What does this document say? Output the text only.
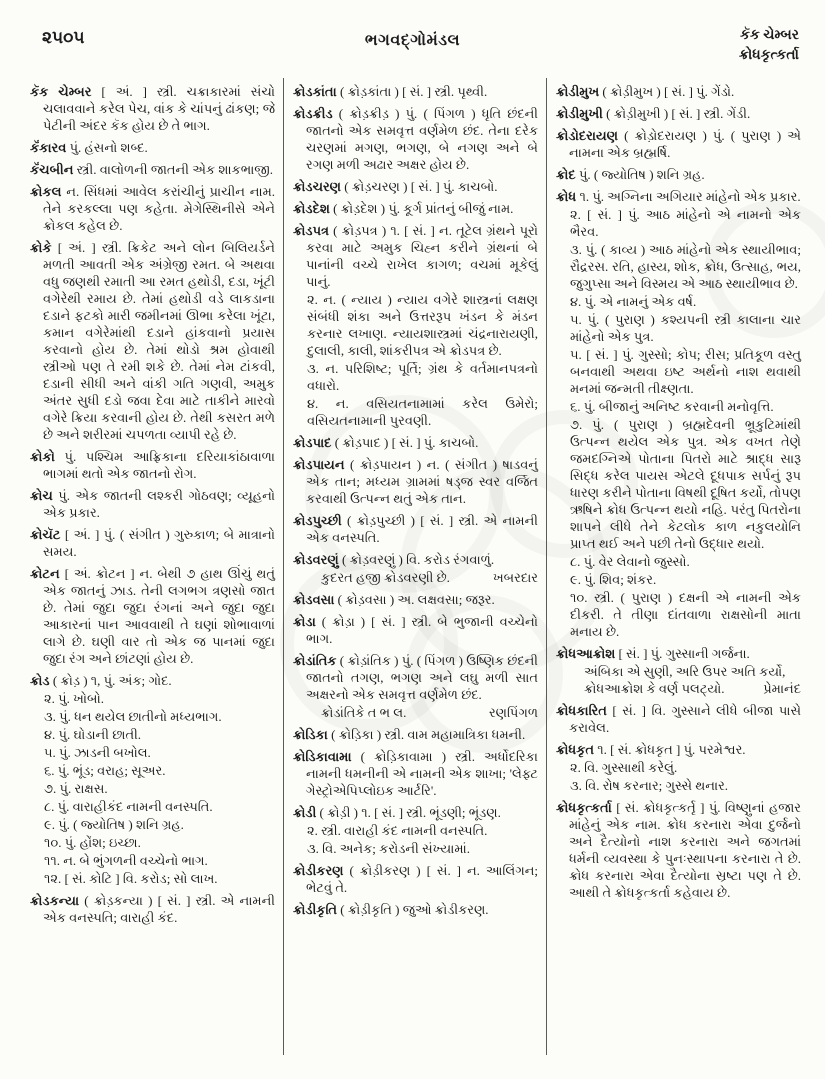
૨૫૦૫	ભગવદ્ગોમંડલ	કૅક ચેમ્બર
ક્રોધકૃત્કર્તા
કૅક ચેમ્બર [ અં. ] સ્ત્રી. ચક્રાકારમાં સંચો ચલાવવાને કરેલ પેચ, વાંક કે ચાંપનું ઢાંકણ; જે પેટીની અંદર કૅક હોય છે તે ભાગ.
કૅંકારવ પું. હંસનો શબ્દ.
કૅંચબીન સ્ત્રી. વાલોળની જાતની એક શાકભાજી.
ક્રોકલ ન. સિંધમાં આવેલ કરાંચીનું પ્રાચીન નામ. તેને કરકલ્લા પણ કહેતા. મેગેસ્થિનીસે એને ક્રોકલ કહેલ છે.
ક્રોકે [ અં. ] સ્ત્રી. ક્રિકેટ અને લોન બિલિયર્ડને મળતી આવતી એક અંગ્રેજી રમત. બે અથવા વધુ જણથી રમાતી આ રમત હથોડી, દડા, ખૂંટી વગેરેથી રમાય છે. તેમાં હથોડી વડે લાકડાના દડાને ફટકો મારી જમીનમાં ઊભા કરેલા ખૂંટા, કમાન વગેરેમાંથી દડાને હાંકવાનો પ્રયાસ કરવાનો હોય છે. તેમાં થોડો શ્રમ હોવાથી સ્ત્રીઓ પણ તે રમી શકે છે. તેમાં નેમ ટાંકવી, દડાની સીધી અને વાંકી ગતિ ગણવી, અમુક અંતર સુધી દડો જવા દેવા માટે તાકીને મારવો વગેરે ક્રિયા કરવાની હોય છે. તેથી કસરત મળે છે અને શરીરમાં ચપળતા વ્યાપી રહે છે.
ક્રોકો પું. પશ્ચિમ આફ્રિકાના દરિયાકાંઠાવાળા ભાગમાં થતો એક જાતનો રોગ.
ક્રોચ પું. એક જાતની લશ્કરી ગોઠવણ; વ્યૂહનો એક પ્રકાર.
ક્રોચૅટ [ અં. ] પું. ( સંગીત ) ગુરુકાળ; બે માત્રાનો સમય.
ક્રોટન [ અં. ક્રોટન ] ન. બેથી ૭ હાથ ઊંચું થતું એક જાતનું ઝાડ. તેની લગભગ ત્રણસો જાત છે. તેમાં જુદા જુદા રંગનાં અને જુદા જુદા આકારનાં પાન આવવાથી તે ઘણાં શોભાવાળાં લાગે છે. ઘણી વાર તો એક જ પાનમાં જુદા જુદા રંગ અને છાંટણાં હોય છે.
ક્રોડ ( ક્રોડ઼ ) ૧, પું. અંક; ગોદ.
૨. પું. ખોબો.
૩. પું. ધન થયેલ છાતીનો મધ્યભાગ.
૪. પું. ઘોડાની છાતી.
૫. પું. ઝાડની બખોલ.
૬. પું. ભૂંડ; વરાહ; સૂઅર.
૭. પું. રાક્ષસ.
૮. પું. વારાહીકંદ નામની વનસ્પતિ.
૯. પું. ( જ્યોતિષ ) શનિ ગ્રહ.
૧૦. પું. હોંશ; ઇચ્છા.
૧૧. ન. બે ભુંગળની વચ્ચેનો ભાગ.
૧૨. [ સં. કોટિ ] વિ. કરોડ; સો લાખ.
ક્રોડકન્યા ( ક્રોડ઼કન્યા ) [ સં. ] સ્ત્રી. એ નામની એક વનસ્પતિ; વારાહી કંદ.
ક્રોડકાંતા ( ક્રોડ઼કાંતા ) [ સં. ] સ્ત્રી. પૃથ્વી.
ક્રોડક્રીડ ( ક્રોડ઼ક્રીડ઼ ) પું. ( પિંગળ ) ધૃતિ છંદની જાતનો એક સમવૃત્ત વર્ણમેળ છંદ. તેના દરેક ચરણમાં મગણ, ભગણ, બે નગણ અને બે રગણ મળી અઢાર અક્ષર હોય છે.
ક્રોડચરણ ( ક્રોડ઼ચરણ ) [ સં. ] પું. કાચબો.
ક્રોડદેશ ( ક્રોડ઼દેશ ) પું. કૂર્ગ પ્રાંતનું બીજું નામ.
ક્રોડપત્ર ( ક્રોડ઼પત્ર ) ૧. [ સં. ] ન. તૂટેલ ગ્રંથને પૂરો કરવા માટે અમુક ચિહ્ન કરીને ગ્રંથનાં બે પાનાંની વચ્ચે રાખેલ કાગળ; વચમાં મૂકેલું પાનું.
૨. ન. ( ન્યાય ) ન્યાય વગેરે શાસ્ત્રનાં લક્ષણ સંબંધી શંકા અને ઉત્તરરૂપ ખંડન કે મંડન કરનાર લખાણ. ન્યાયશાસ્ત્રમાં ચંદ્રનારાયણી, દુલાલી, કાલી, શાંકરીપત્ર એ ક્રોડપત્ર છે.
૩. ન. પરિશિષ્ટ; પૂર્તિ; ગ્રંથ કે વર્તમાનપત્રનો વધારો.
૪. ન. વસિયતનામામાં કરેલ ઉમેરો; વસિયતનામાની પુરવણી.
ક્રોડપાદ ( ક્રોડ઼પાદ ) [ સં. ] પું. કાચબો.
ક્રોડપાયન ( ક્રોડ઼પાયન ) ન. ( સંગીત ) ષાડવનું એક તાન; મધ્યમ ગ્રામમાં ષડ્જ સ્વર વર્જિત કરવાથી ઉત્પન્ન થતું એક તાન.
ક્રોડપુચ્છી ( ક્રોડ઼પુચ્છી ) [ સં. ] સ્ત્રી. એ નામની એક વનસ્પતિ.
ક્રોડવરણું ( ક્રોડ઼વરણું ) વિ. કરોડ રંગવાળું.
ખબરદાર
કુદરત હજી ક્રોડવરણી છે.
ક્રોડવસા ( ક્રોડ઼વસા ) અ. લક્ષવસા; જરૂર.
ક્રોડા ( ક્રોડ઼ા ) [ સં. ] સ્ત્રી. બે ભુજાની વચ્ચેનો ભાગ.
ક્રોડાંતિક ( ક્રોડ઼ાંતિક ) પું. ( પિંગળ ) ઉષ્ણિક છંદની જાતનો તગણ, ભગણ અને લઘુ મળી સાત અક્ષરનો એક સમવૃત્ત વર્ણમેળ છંદ.
રણપિંગળ
ક્રોડાંતિકે ત ભ લ.
ક્રોડિકા ( ક્રોડ઼િકા ) સ્ત્રી. વામ મહામાત્રિકા ધમની.
ક્રોડિકાવામા ( ક્રોડ઼િકાવામા ) સ્ત્રી. અર્ધોદરિકા નામની ધમનીની એ નામની એક શાખા; 'લેફ્ટ ગેસ્ટ્રોએપિપ્લોઇક આર્ટરિ'.
ક્રોડી ( ક્રોડ઼ી ) ૧. [ સં. ] સ્ત્રી. ભૂંડણી; ભૂંડણ.
૨. સ્ત્રી. વારાહી કંદ નામની વનસ્પતિ.
૩. વિ. અનેક; કરોડની સંખ્યામાં.
ક્રોડીકરણ ( ક્રોડ઼ીકરણ ) [ સં. ] ન. આલિંગન; ભેટવું તે.
ક્રોડીકૃતિ ( ક્રોડ઼ીકૃતિ ) જુઓ ક્રોડીકરણ.
ક્રોડીમુખ ( ક્રોડ઼ીમુખ ) [ સં. ] પું. ગેંડો.
ક્રોડીમુખી ( ક્રોડ઼ીમુખી ) [ સં. ] સ્ત્રી. ગેંડી.
ક્રોડોદરાયણ ( ક્રોડ઼ોદરાયણ ) પું. ( પુરાણ ) એ નામના એક બ્રહ્મર્ષિ.
ક્રોદ પું. ( જ્યોતિષ ) શનિ ગ્રહ.
ક્રોધ ૧. પું. અગ્નિના અગિયાર માંહેનો એક પ્રકાર.
૨. [ સં. ] પું. આઠ માંહેનો એ નામનો એક ભૈરવ.
૩. પું. ( કાવ્ય ) આઠ માંહેનો એક સ્થાયીભાવ; રૌદ્રરસ. રતિ, હાસ્ય, શોક, ક્રોધ, ઉત્સાહ, ભય, જુગુપ્સા અને વિસ્મય એ આઠ સ્થાયીભાવ છે.
૪. પું. એ નામનું એક વર્ષ.
૫. પું. ( પુરાણ ) કશ્યપની સ્ત્રી કાલાના ચાર માંહેનો એક પુત્ર.
૫. [ સં. ] પું. ગુસ્સો; કોપ; રીસ; પ્રતિકૂળ વસ્તુ બનવાથી અથવા ઇષ્ટ અર્થનો નાશ થવાથી મનમાં જન્મતી તીક્ષ્ણતા.
૬. પું. બીજાનું અનિષ્ટ કરવાની મનોવૃત્તિ.
૭. પું. ( પુરાણ ) બ્રહ્મદેવની ભ્રૂકુટિમાંથી ઉત્પન્ન થયેલ એક પુત્ર. એક વખત તેણે જમદગ્નિએ પોતાના પિતરો માટે શ્રાદ્ધ સારૂ સિદ્ધ કરેલ પાયસ એટલે દૂધપાક સર્પનું રૂપ ધારણ કરીને પોતાના વિષથી દૂષિત કર્યો, તોપણ ઋષિને ક્રોધ ઉત્પન્ન થયો નહિ. પરંતુ પિતરોના શાપને લીધે તેને કેટલોક કાળ નકુલયોનિ પ્રાપ્ત થઈ અને પછી તેનો ઉદ્ધાર થયો.
૮. પું. વેર લેવાનો જુસ્સો.
૯. પું. શિવ; શંકર.
૧૦. સ્ત્રી. ( પુરાણ ) દક્ષની એ નામની એક દીકરી. તે તીણા દાંતવાળા રાક્ષસોની માતા મનાય છે.
ક્રોધઆક્રોશ [ સં. ] પું. ગુસ્સાની ગર્જના.
અંબિકા એ સુણી, અરિ ઉપર અતિ કર્યો,
પ્રેમાનંદ
ક્રોધઆક્રોશ કે વર્ણ પલટ્યો.
ક્રોધકારિત [ સં. ] વિ. ગુસ્સાને લીધે બીજા પાસે કરાવેલ.
ક્રોધકૃત ૧. [ સં. ક્રોધકૃત ] પું. પરમેશ્વર.
૨. વિ. ગુસ્સાથી કરેલું.
૩. વિ. રોષ કરનાર; ગુસ્સે થનાર.
ક્રોધકૃત્કર્તા [ સં. ક્રોધકૃત્કર્તૃ ] પું. વિષ્ણુનાં હજાર માંહેનું એક નામ. ક્રોધ કરનારા એવા દુર્જનો અને દૈત્યોનો નાશ કરનારા અને જગતમાં ધર્મની વ્યવસ્થા કે પુનઃસ્થાપના કરનારા તે છે. ક્રોધ કરનારા એવા દૈત્યોના સ્રષ્ટા પણ તે છે. આથી તે ક્રોધકૃત્કર્તા કહેવાય છે.
